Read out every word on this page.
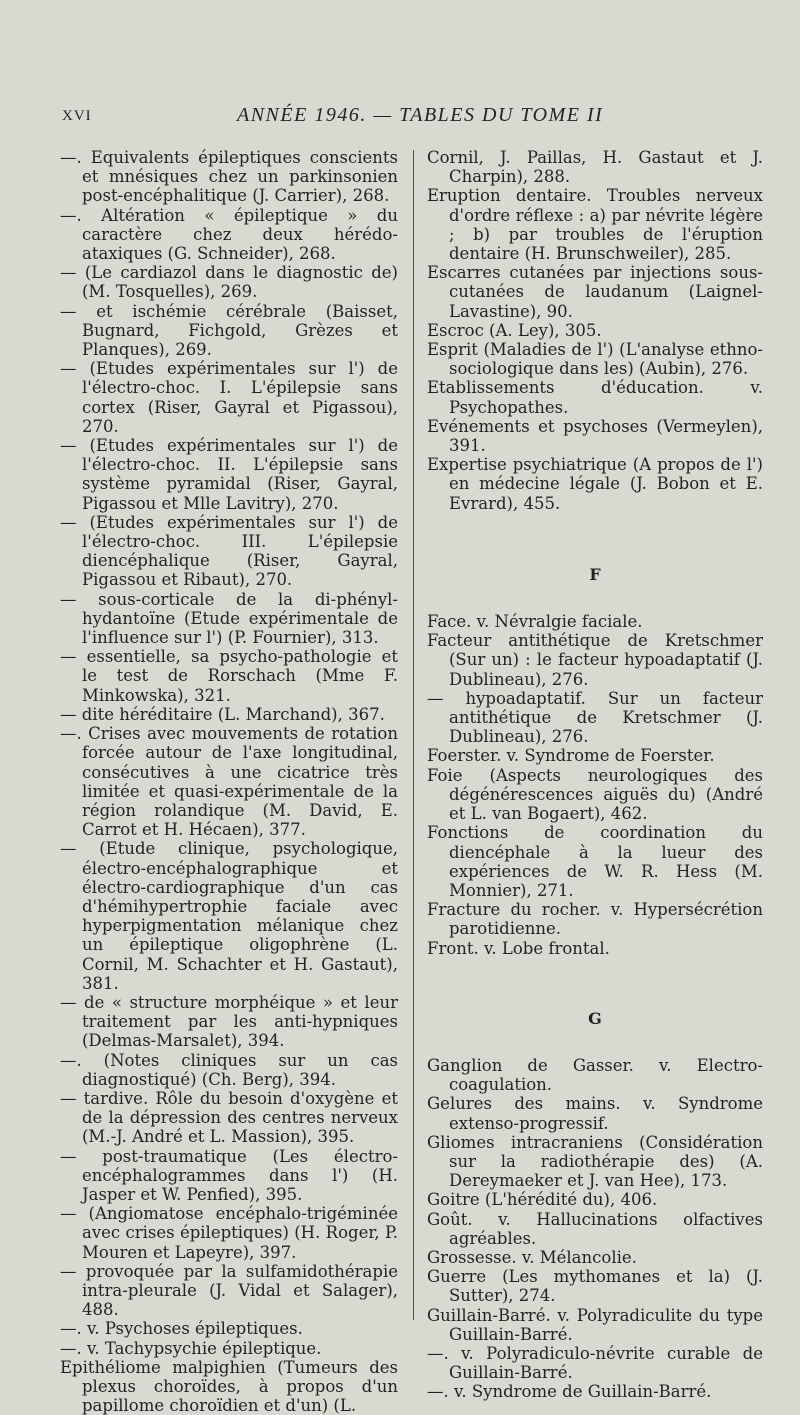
XVI	ANNÉE 1946. — TABLES DU TOME II

—. Equivalents épileptiques conscients et mnésiques chez un parkinsonien post-encéphalitique (J. Carrier), 268.

—. Altération « épileptique » du caractère chez deux hérédo-ataxiques (G. Schneider), 268.

— (Le cardiazol dans le diagnostic de) (M. Tosquelles), 269.

— et ischémie cérébrale (Baisset, Bugnard, Fichgold, Grèzes et Planques), 269.

— (Etudes expérimentales sur l') de l'électro-choc. I. L'épilepsie sans cortex (Riser, Gayral et Pigassou), 270.

— (Etudes expérimentales sur l') de l'électro-choc. II. L'épilepsie sans système pyramidal (Riser, Gayral, Pigassou et Mlle Lavitry), 270.

— (Etudes expérimentales sur l') de l'électro-choc. III. L'épilepsie diencéphalique (Riser, Gayral, Pigassou et Ribaut), 270.

— sous-corticale de la di-phényl-hydantoïne (Etude expérimentale de l'influence sur l') (P. Fournier), 313.

— essentielle, sa psycho-pathologie et le test de Rorschach (Mme F. Minkowska), 321.

— dite héréditaire (L. Marchand), 367.

—. Crises avec mouvements de rotation forcée autour de l'axe longitudinal, consécutives à une cicatrice très limitée et quasi-expérimentale de la région rolandique (M. David, E. Carrot et H. Hécaen), 377.

— (Etude clinique, psychologique, électro-encéphalographique et électro-cardiographique d'un cas d'hémihypertrophie faciale avec hyperpigmentation mélanique chez un épileptique oligophrène (L. Cornil, M. Schachter et H. Gastaut), 381.

— de « structure morphéique » et leur traitement par les anti-hypniques (Delmas-Marsalet), 394.

—. (Notes cliniques sur un cas diagnostiqué) (Ch. Berg), 394.

— tardive. Rôle du besoin d'oxygène et de la dépression des centres nerveux (M.-J. André et L. Massion), 395.

— post-traumatique (Les électro-encéphalogrammes dans l') (H. Jasper et W. Penfied), 395.

— (Angiomatose encéphalo-trigéminée avec crises épileptiques) (H. Roger, P. Mouren et Lapeyre), 397.

— provoquée par la sulfamidothérapie intra-pleurale (J. Vidal et Salager), 488.

—. v. Psychoses épileptiques.

—. v. Tachypsychie épileptique.

Epithéliome malpighien (Tumeurs des plexus choroïdes, à propos d'un papillome choroïdien et d'un) (L.

Cornil, J. Paillas, H. Gastaut et J. Charpin), 288.

Eruption dentaire. Troubles nerveux d'ordre réflexe : a) par névrite légère ; b) par troubles de l'éruption dentaire (H. Brunschweiler), 285.

Escarres cutanées par injections sous-cutanées de laudanum (Laignel-Lavastine), 90.

Escroc (A. Ley), 305.

Esprit (Maladies de l') (L'analyse ethno-sociologique dans les) (Aubin), 276.

Etablissements d'éducation. v. Psychopathes.

Evénements et psychoses (Vermeylen), 391.

Expertise psychiatrique (A propos de l') en médecine légale (J. Bobon et E. Evrard), 455.

F

Face. v. Névralgie faciale.

Facteur antithétique de Kretschmer (Sur un) : le facteur hypoadaptatif (J. Dublineau), 276.

— hypoadaptatif. Sur un facteur antithétique de Kretschmer (J. Dublineau), 276.

Foerster. v. Syndrome de Foerster.

Foie (Aspects neurologiques des dégénérescences aiguës du) (André et L. van Bogaert), 462.

Fonctions de coordination du diencéphale à la lueur des expériences de W. R. Hess (M. Monnier), 271.

Fracture du rocher. v. Hypersécrétion parotidienne.

Front. v. Lobe frontal.

G

Ganglion de Gasser. v. Electro-coagulation.

Gelures des mains. v. Syndrome extenso-progressif.

Gliomes intracraniens (Considération sur la radiothérapie des) (A. Dereymaeker et J. van Hee), 173.

Goitre (L'hérédité du), 406.

Goût. v. Hallucinations olfactives agréables.

Grossesse. v. Mélancolie.

Guerre (Les mythomanes et la) (J. Sutter), 274.

Guillain-Barré. v. Polyradiculite du type Guillain-Barré.

—. v. Polyradiculo-névrite curable de Guillain-Barré.

—. v. Syndrome de Guillain-Barré.
